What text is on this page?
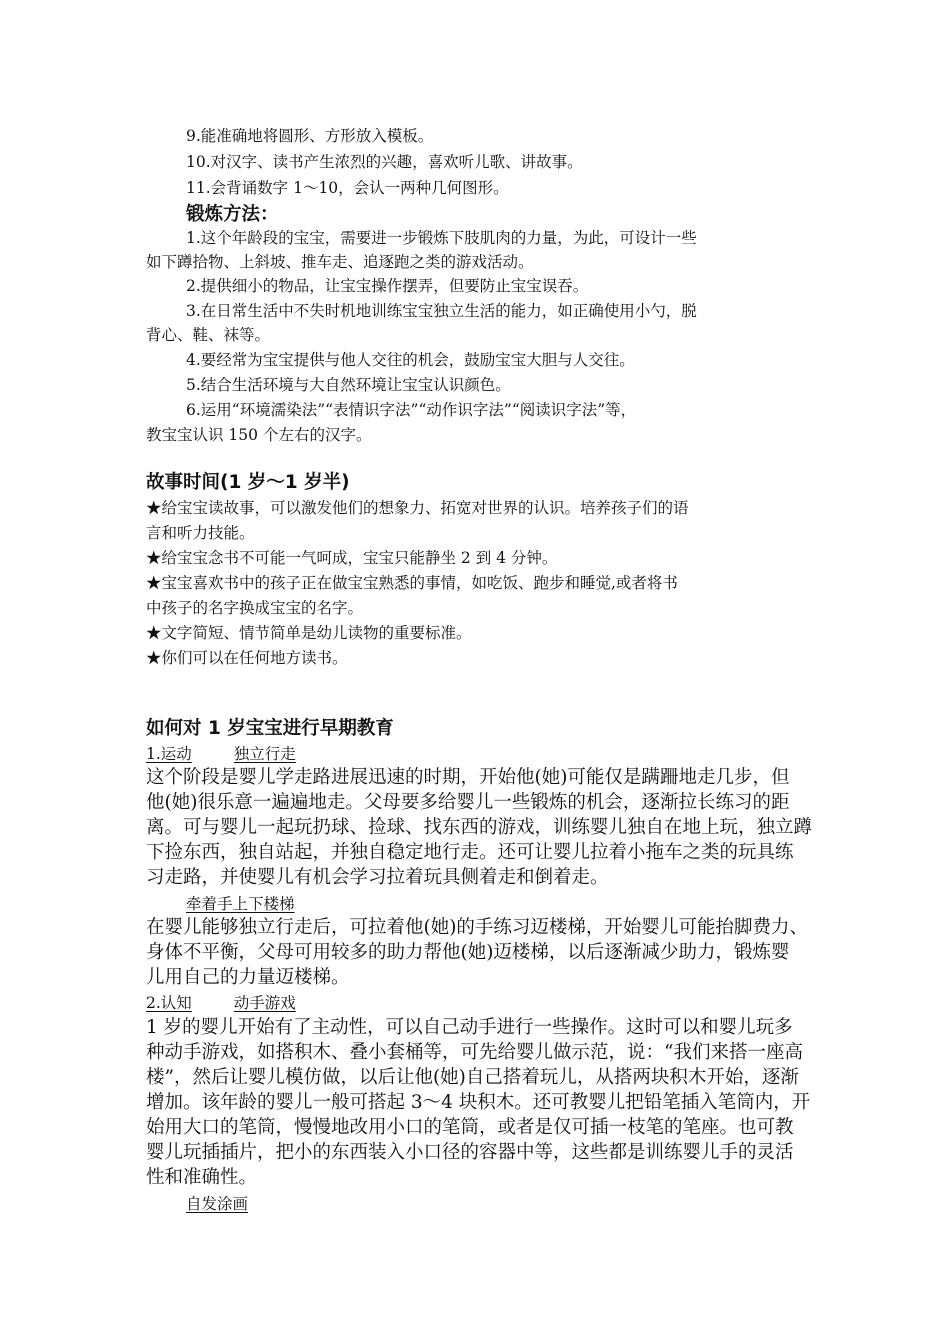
9.能准确地将圆形、方形放入模板。
10.对汉字、读书产生浓烈的兴趣，喜欢听儿歌、讲故事。
11.会背诵数字 1～10，会认一两种几何图形。
锻炼方法：
1.这个年龄段的宝宝，需要进一步锻炼下肢肌肉的力量，为此，可设计一些
如下蹲拾物、上斜坡、推车走、追逐跑之类的游戏活动。
2.提供细小的物品，让宝宝操作摆弄，但要防止宝宝误吞。
3.在日常生活中不失时机地训练宝宝独立生活的能力，如正确使用小勺，脱
背心、鞋、袜等。
4.要经常为宝宝提供与他人交往的机会，鼓励宝宝大胆与人交往。
5.结合生活环境与大自然环境让宝宝认识颜色。
6.运用“环境濡染法”“表情识字法”“动作识字法”“阅读识字法”等，
教宝宝认识 150 个左右的汉字。
故事时间(1 岁～1 岁半)
★给宝宝读故事，可以激发他们的想象力、拓宽对世界的认识。培养孩子们的语
言和听力技能。
★给宝宝念书不可能一气呵成，宝宝只能静坐 2 到 4 分钟。
★宝宝喜欢书中的孩子正在做宝宝熟悉的事情，如吃饭、跑步和睡觉,或者将书
中孩子的名字换成宝宝的名字。
★文字简短、情节简单是幼儿读物的重要标准。
★你们可以在任何地方读书。
如何对 1 岁宝宝进行早期教育
1.运动	独立行走
这个阶段是婴儿学走路进展迅速的时期，开始他(她)可能仅是蹒跚地走几步，但
他(她)很乐意一遍遍地走。父母要多给婴儿一些锻炼的机会，逐渐拉长练习的距
离。可与婴儿一起玩扔球、捡球、找东西的游戏，训练婴儿独自在地上玩，独立蹲
下捡东西，独自站起，并独自稳定地行走。还可让婴儿拉着小拖车之类的玩具练
习走路，并使婴儿有机会学习拉着玩具侧着走和倒着走。
牵着手上下楼梯
在婴儿能够独立行走后，可拉着他(她)的手练习迈楼梯，开始婴儿可能抬脚费力、
身体不平衡，父母可用较多的助力帮他(她)迈楼梯，以后逐渐减少助力，锻炼婴
儿用自己的力量迈楼梯。
2.认知	动手游戏
1 岁的婴儿开始有了主动性，可以自己动手进行一些操作。这时可以和婴儿玩多
种动手游戏，如搭积木、叠小套桶等，可先给婴儿做示范，说：“我们来搭一座高
楼”，然后让婴儿模仿做，以后让他(她)自己搭着玩儿，从搭两块积木开始，逐渐
增加。该年龄的婴儿一般可搭起 3～4 块积木。还可教婴儿把铅笔插入笔筒内，开
始用大口的笔筒，慢慢地改用小口的笔筒，或者是仅可插一枝笔的笔座。也可教
婴儿玩插插片，把小的东西装入小口径的容器中等，这些都是训练婴儿手的灵活
性和准确性。
自发涂画
